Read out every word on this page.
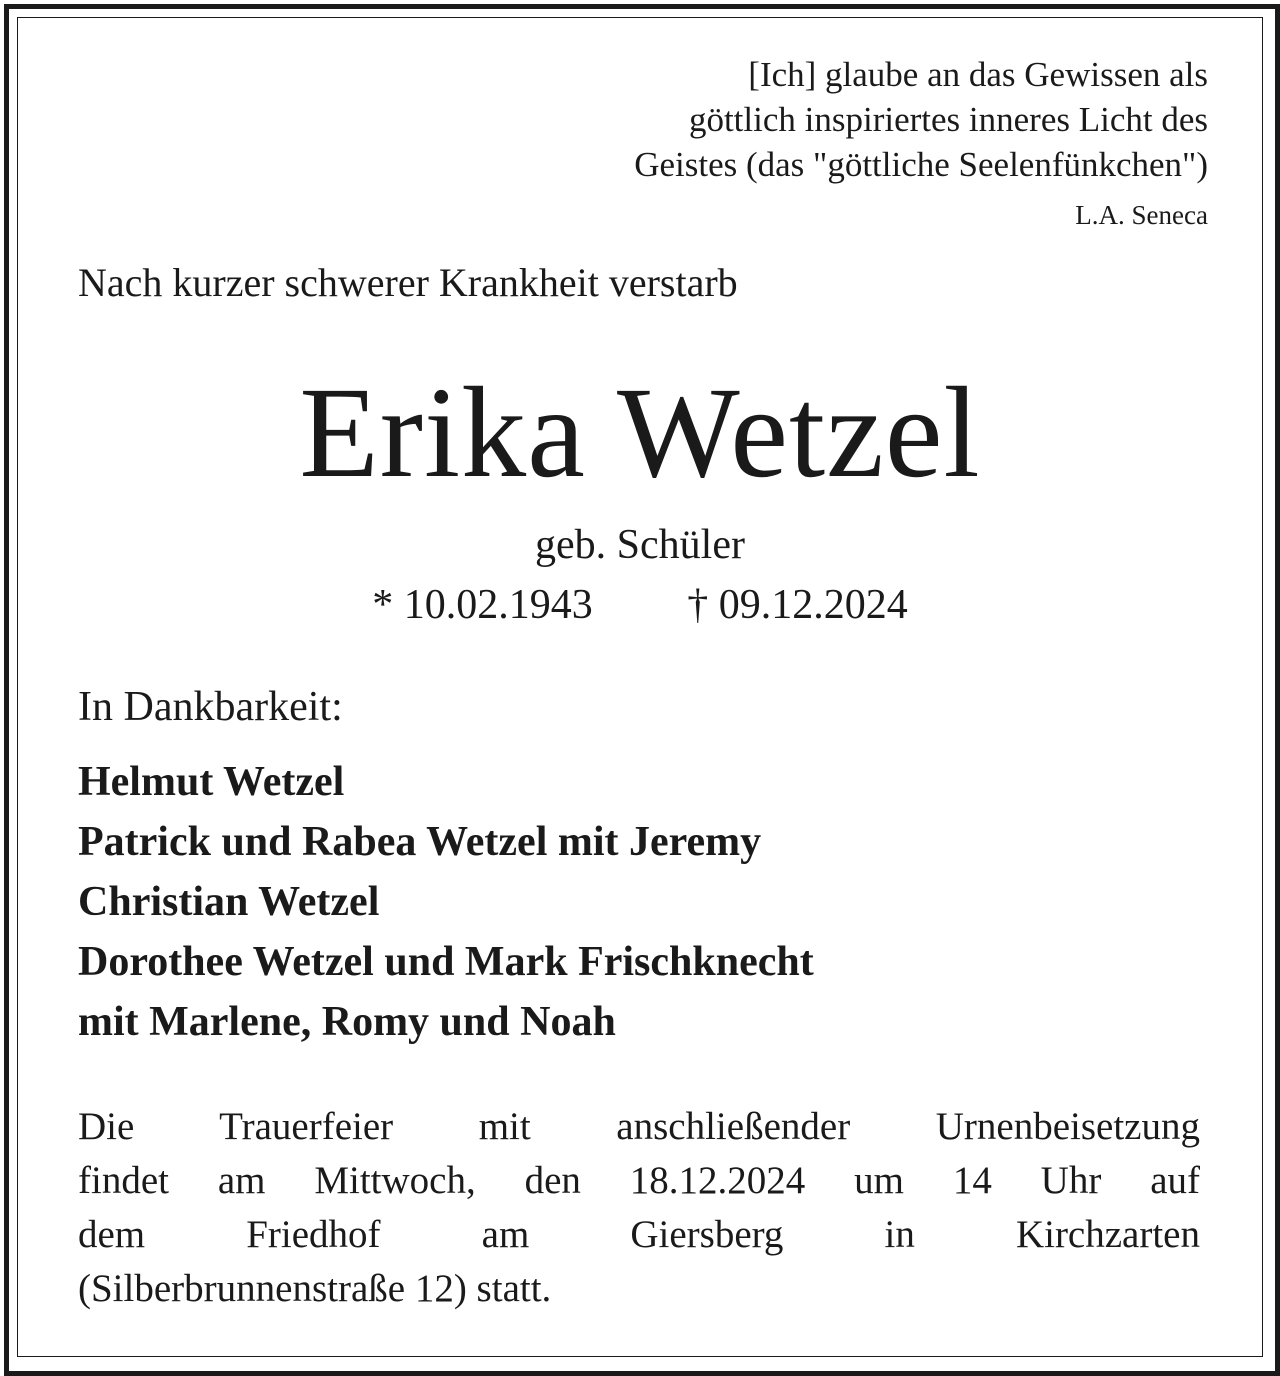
[Ich] glaube an das Gewissen als
göttlich inspiriertes inneres Licht des
Geistes (das "göttliche Seelenfünkchen")
L.A. Seneca
Nach kurzer schwerer Krankheit verstarb
Erika Wetzel
geb. Schüler
* 10.02.1943 † 09.12.2024
In Dankbarkeit:
Helmut Wetzel
Patrick und Rabea Wetzel mit Jeremy
Christian Wetzel
Dorothee Wetzel und Mark Frischknecht
mit Marlene, Romy und Noah
Die Trauerfeier mit anschließender Urnenbeisetzung
findet am Mittwoch, den 18.12.2024 um 14 Uhr auf
dem Friedhof am Giersberg in Kirchzarten
(Silberbrunnenstraße 12) statt.
